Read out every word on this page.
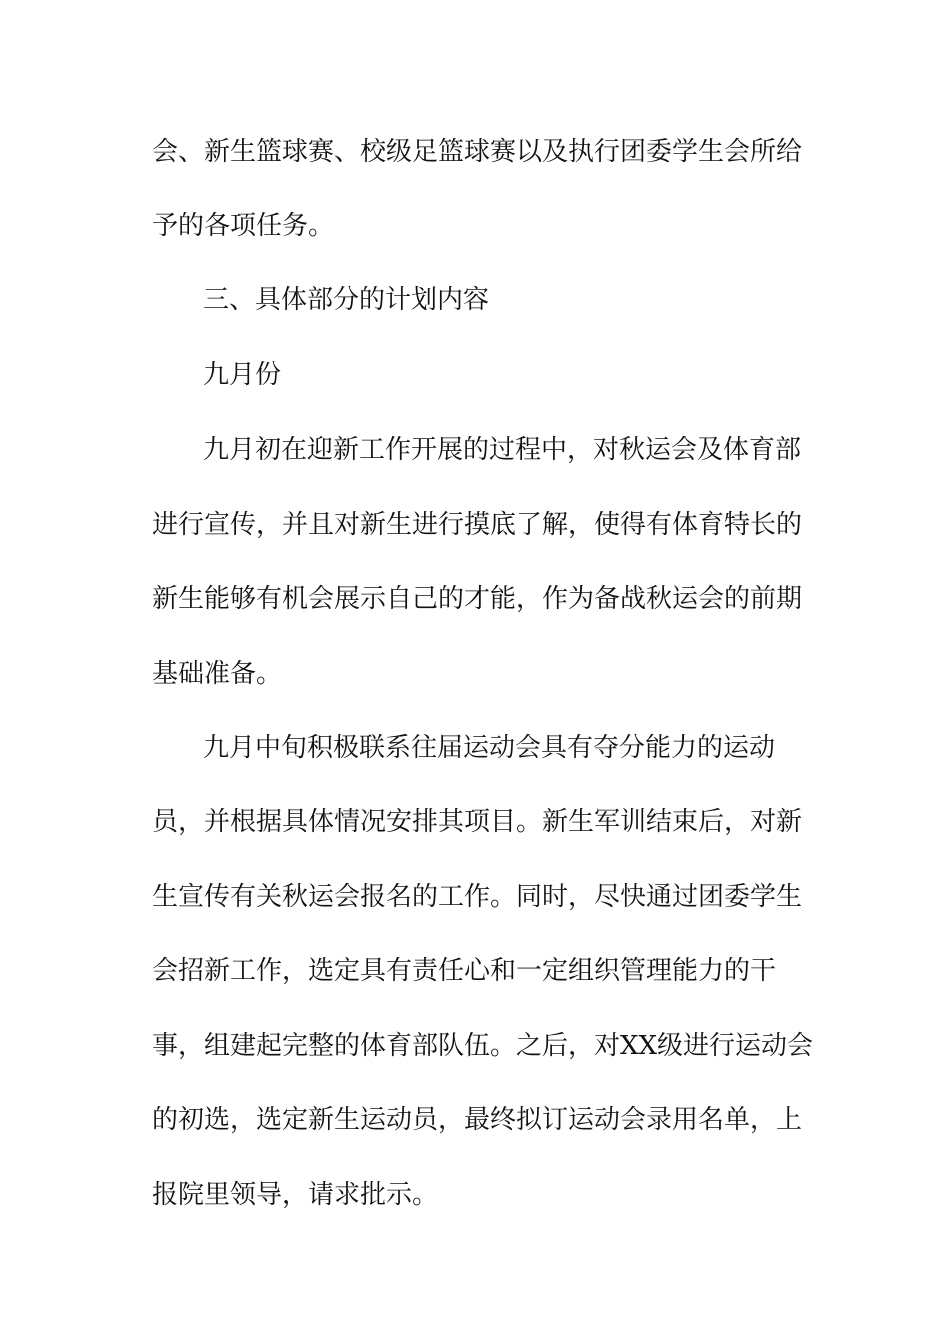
会、新生篮球赛、校级足篮球赛以及执行团委学生会所给
予的各项任务。
三、具体部分的计划内容
九月份
九月初在迎新工作开展的过程中，对秋运会及体育部
进行宣传，并且对新生进行摸底了解，使得有体育特长的
新生能够有机会展示自己的才能，作为备战秋运会的前期
基础准备。
九月中旬积极联系往届运动会具有夺分能力的运动
员，并根据具体情况安排其项目。新生军训结束后，对新
生宣传有关秋运会报名的工作。同时，尽快通过团委学生
会招新工作，选定具有责任心和一定组织管理能力的干
事，组建起完整的体育部队伍。之后，对XX级进行运动会
的初选，选定新生运动员，最终拟订运动会录用名单，上
报院里领导，请求批示。
